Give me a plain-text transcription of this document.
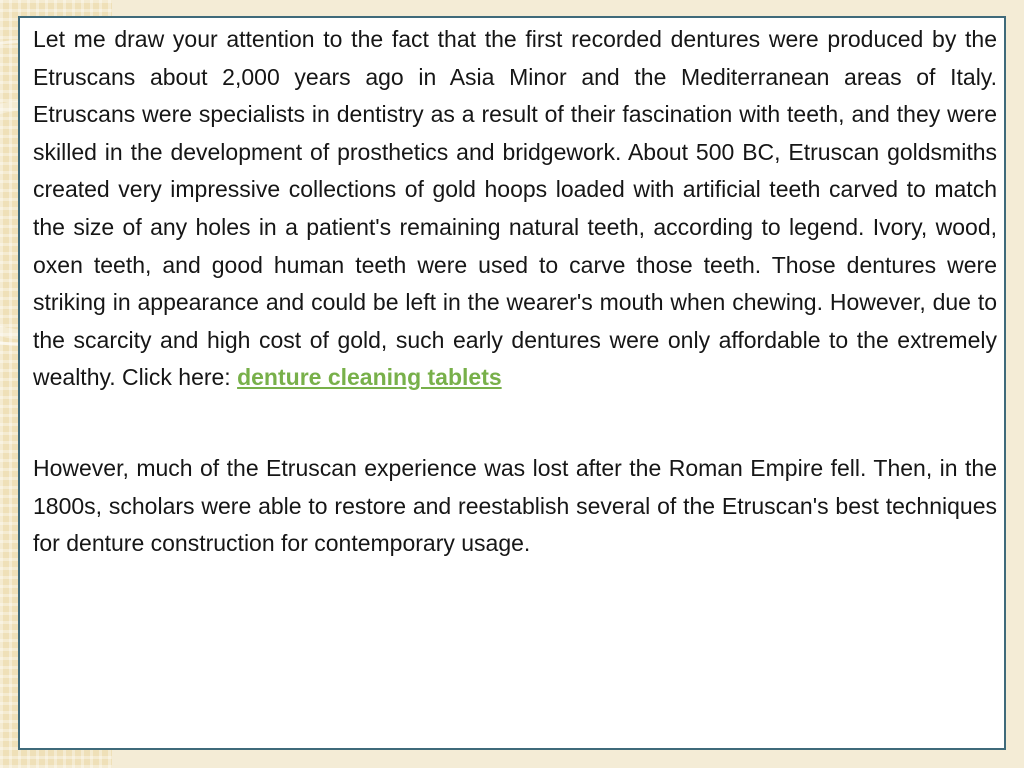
Let me draw your attention to the fact that the first recorded dentures were produced by the Etruscans about 2,000 years ago in Asia Minor and the Mediterranean areas of Italy. Etruscans were specialists in dentistry as a result of their fascination with teeth, and they were skilled in the development of prosthetics and bridgework. About 500 BC, Etruscan goldsmiths created very impressive collections of gold hoops loaded with artificial teeth carved to match the size of any holes in a patient's remaining natural teeth, according to legend. Ivory, wood, oxen teeth, and good human teeth were used to carve those teeth. Those dentures were striking in appearance and could be left in the wearer's mouth when chewing. However, due to the scarcity and high cost of gold, such early dentures were only affordable to the extremely wealthy. Click here: denture cleaning tablets

However, much of the Etruscan experience was lost after the Roman Empire fell. Then, in the 1800s, scholars were able to restore and reestablish several of the Etruscan's best techniques for denture construction for contemporary usage.
